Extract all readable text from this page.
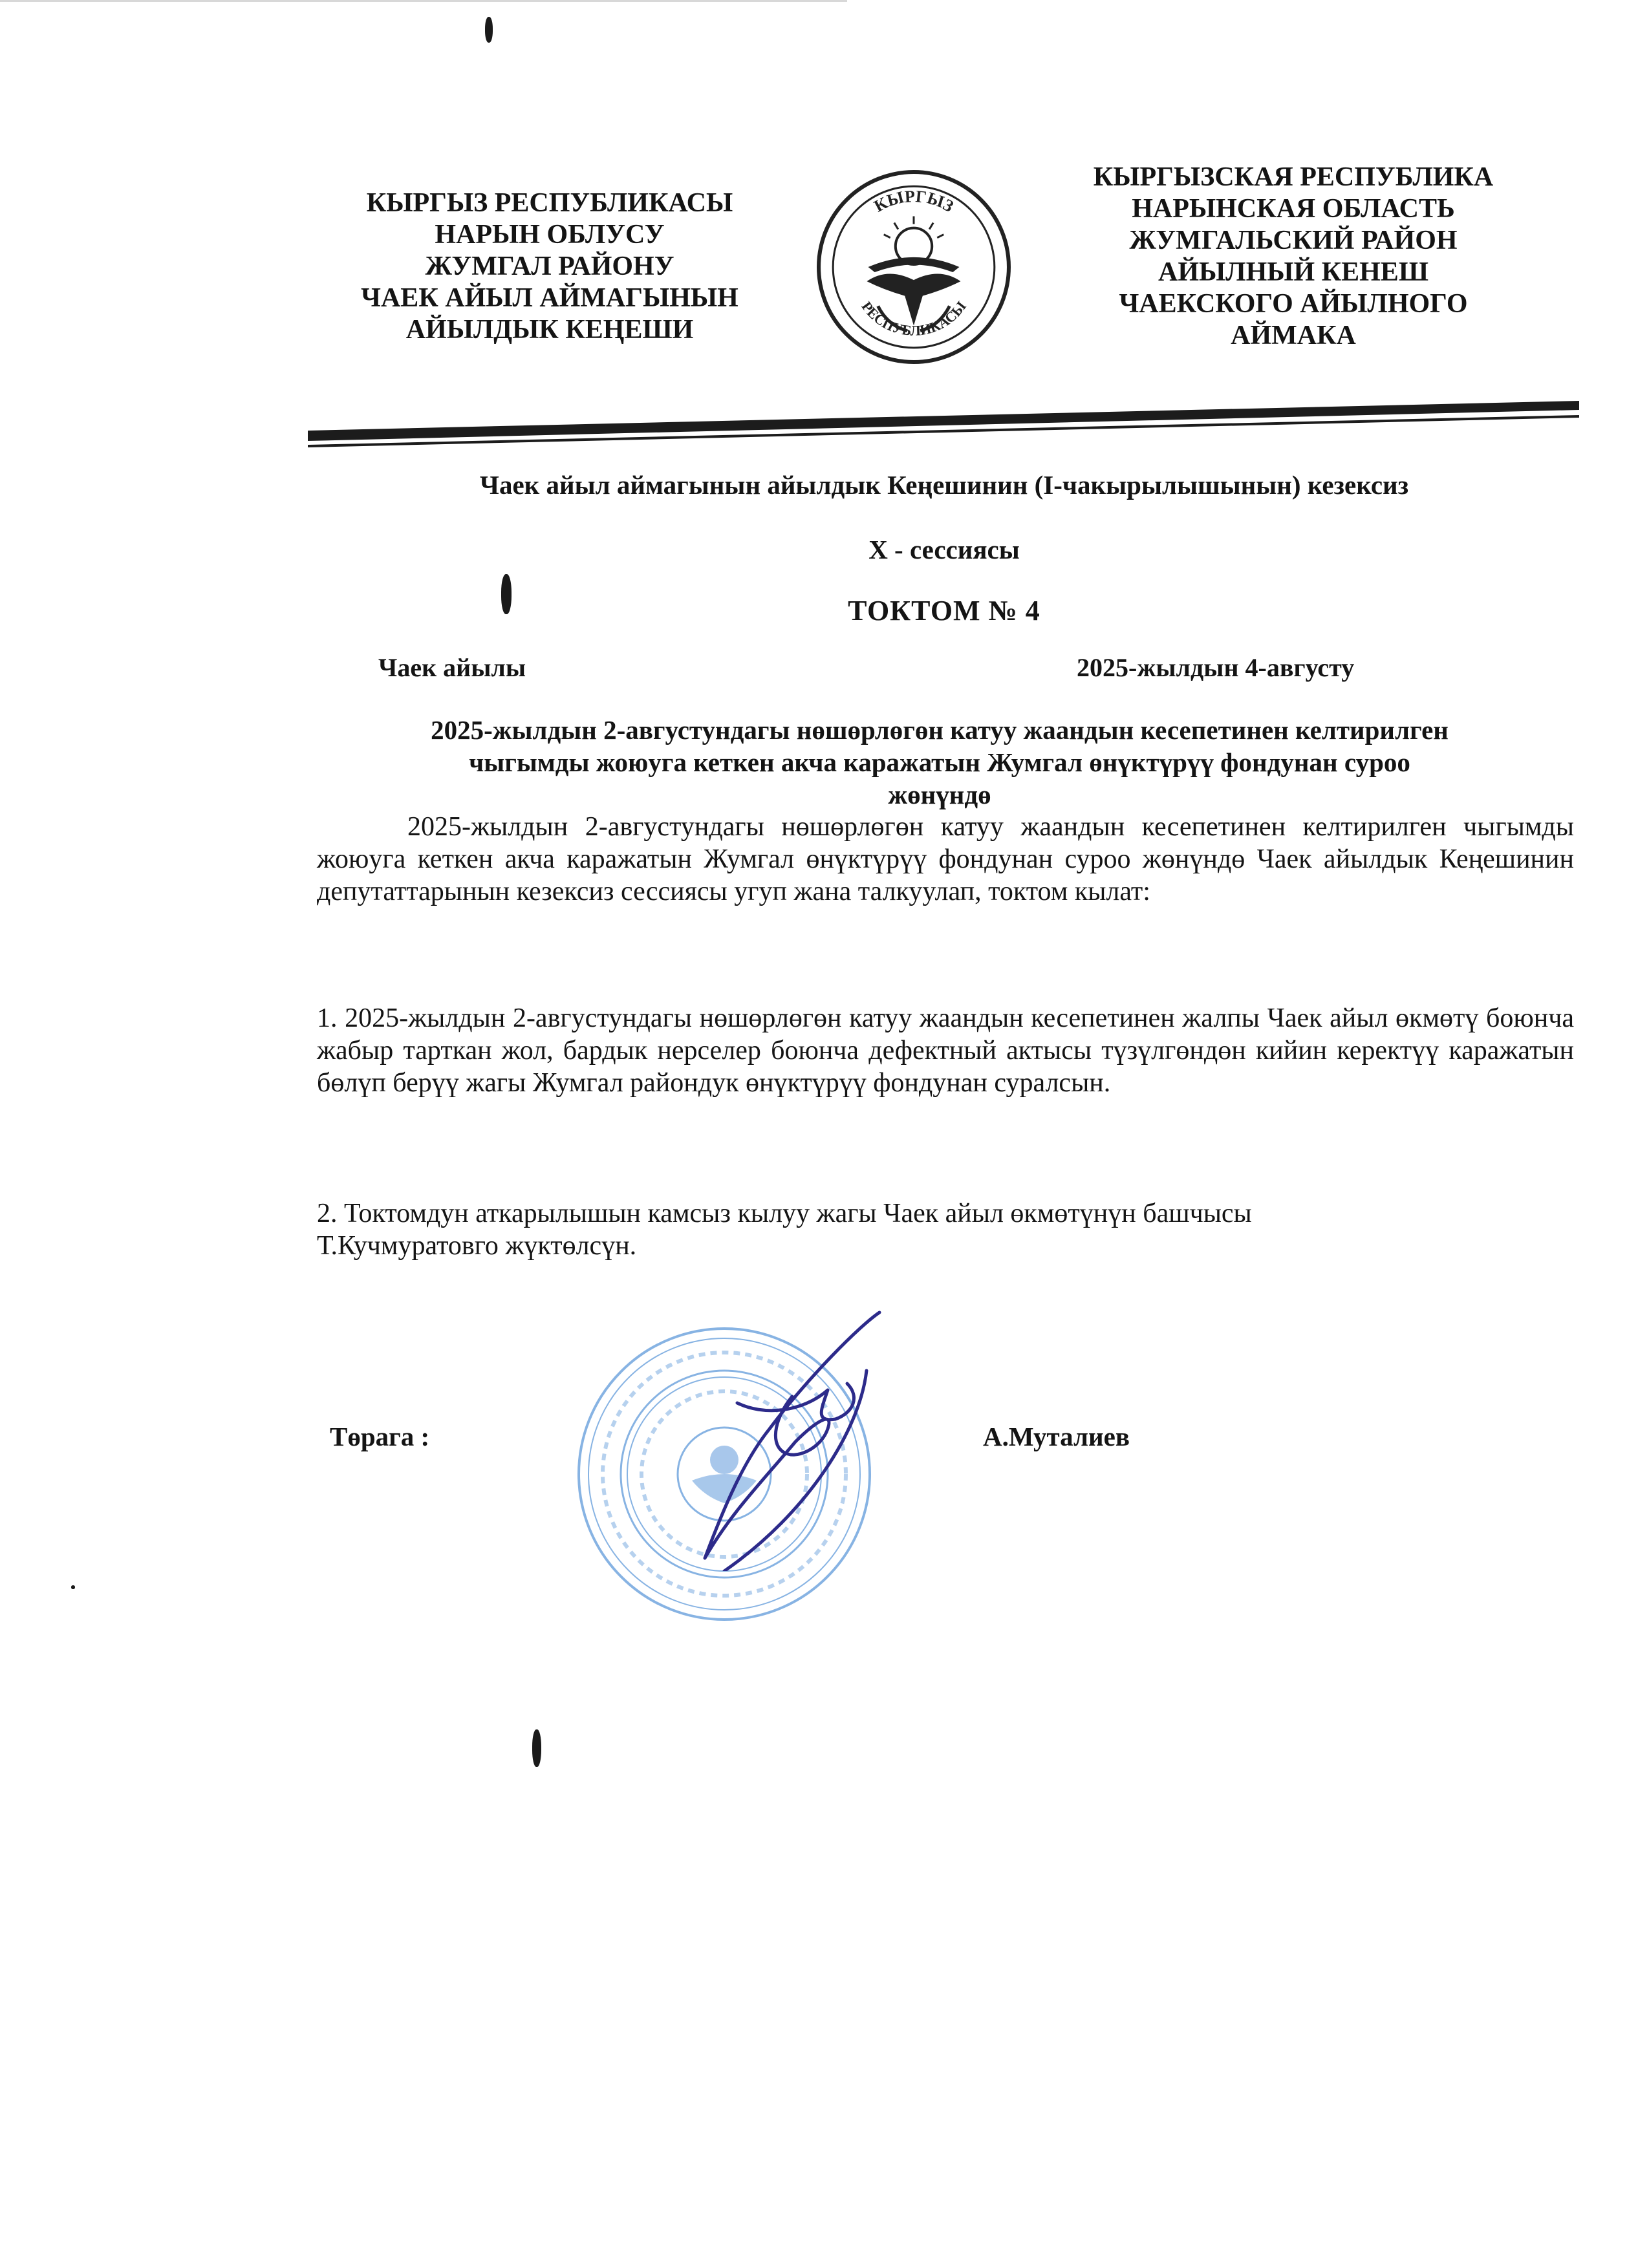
КЫРГЫЗ РЕСПУБЛИКАСЫ
НАРЫН ОБЛУСУ
ЖУМГАЛ РАЙОНУ
ЧАЕК АЙЫЛ АЙМАГЫНЫН
АЙЫЛДЫК КЕҢЕШИ
КЫРГЫЗ
РЕСПУБЛИКАСЫ
КЫРГЫЗСКАЯ РЕСПУБЛИКА
НАРЫНСКАЯ ОБЛАСТЬ
ЖУМГАЛЬСКИЙ РАЙОН
АЙЫЛНЫЙ КЕНЕШ
ЧАЕКСКОГО АЙЫЛНОГО
АЙМАКА
Чаек айыл аймагынын айылдык Кеңешинин (I-чакырылышынын) кезексиз
X - сессиясы
ТОКТОМ № 4
Чаек айылы	2025-жылдын 4-августу
2025-жылдын 2-августундагы нөшөрлөгөн катуу жаандын кесепетинен келтирилген
чыгымды жоюуга кеткен акча каражатын Жумгал өнүктүрүү фондунан суроо
жөнүндө
2025-жылдын 2-августундагы нөшөрлөгөн катуу жаандын кесепетинен келтирилген чыгымды жоюуга кеткен акча каражатын Жумгал өнүктүрүү фондунан суроо жөнүндө Чаек айылдык Кеңешинин депутаттарынын кезексиз сессиясы угуп жана талкуулап, токтом кылат:
1. 2025-жылдын 2-августундагы нөшөрлөгөн катуу жаандын кесепетинен жалпы Чаек айыл өкмөтү боюнча жабыр тарткан жол, бардык нерселер боюнча дефектный актысы түзүлгөндөн кийин керектүү каражатын бөлүп берүү жагы Жумгал райондук өнүктүрүү фондунан суралсын.
2. Токтомдун аткарылышын камсыз кылуу жагы Чаек айыл өкмөтүнүн башчысы
Т.Кучмуратовго жүктөлсүн.
Төрага :	А.Муталиев
